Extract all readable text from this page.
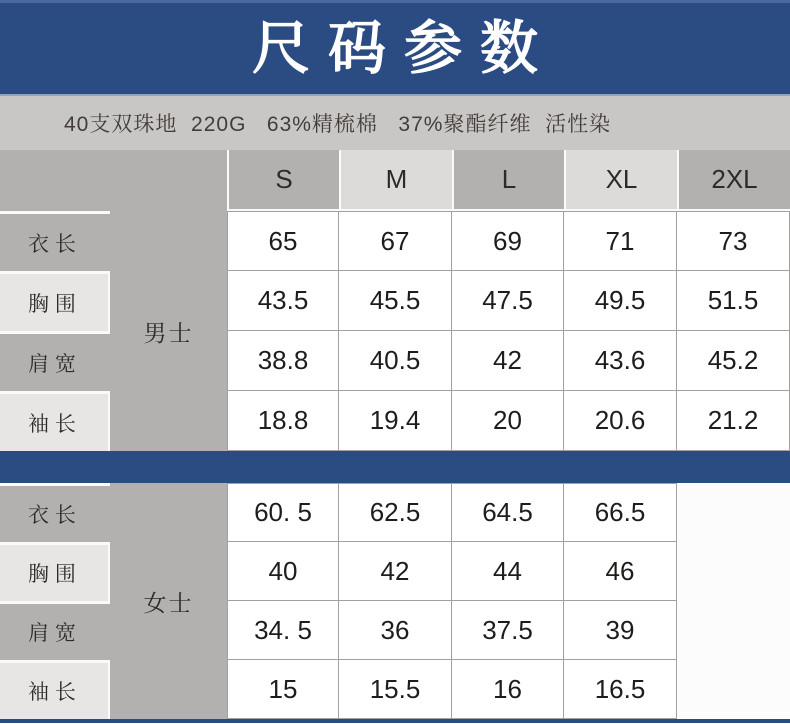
尺码参数
40支双珠地  220G   63%精梳棉   37%聚酯纤维  活性染
S	M	L	XL	2XL
男士
衣 长	65	67	69	71	73
胸 围	43.5	45.5	47.5	49.5	51.5
肩 宽	38.8	40.5	42	43.6	45.2
袖 长	18.8	19.4	20	20.6	21.2
女士
衣 长	60. 5	62.5	64.5	66.5
胸 围	40	42	44	46
肩 宽	34. 5	36	37.5	39
袖 长	15	15.5	16	16.5
